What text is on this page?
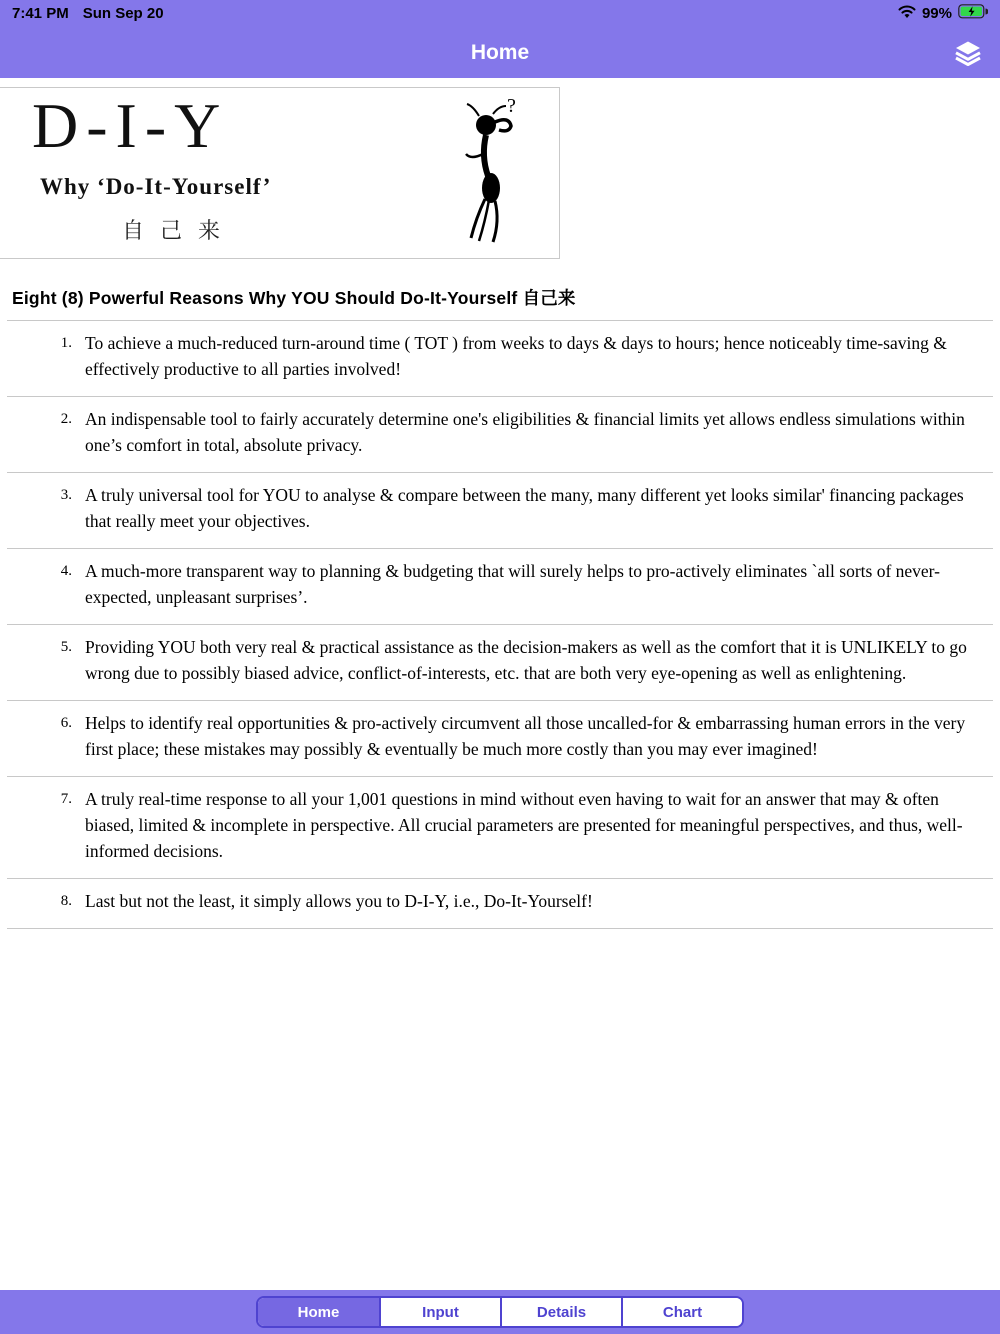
7:41 PM Sun Sep 20	99%
Home
D-I-Y
Why ‘Do-It-Yourself’
自己来
?
Eight (8) Powerful Reasons Why YOU Should Do-It-Yourself 自己来
1. To achieve a much-reduced turn-around time ( TOT ) from weeks to days & days to hours; hence noticeably time-saving & effectively productive to all parties involved!
2. An indispensable tool to fairly accurately determine one's eligibilities & financial limits yet allows endless simulations within one’s comfort in total, absolute privacy.
3. A truly universal tool for YOU to analyse & compare between the many, many different yet looks similar' financing packages that really meet your objectives.
4. A much-more transparent way to planning & budgeting that will surely helps to pro-actively eliminates `all sorts of never-expected, unpleasant surprises’.
5. Providing YOU both very real & practical assistance as the decision-makers as well as the comfort that it is UNLIKELY to go wrong due to possibly biased advice, conflict-of-interests, etc. that are both very eye-opening as well as enlightening.
6. Helps to identify real opportunities & pro-actively circumvent all those uncalled-for & embarrassing human errors in the very first place; these mistakes may possibly & eventually be much more costly than you may ever imagined!
7. A truly real-time response to all your 1,001 questions in mind without even having to wait for an answer that may & often biased, limited & incomplete in perspective. All crucial parameters are presented for meaningful perspectives, and thus, well-informed decisions.
8. Last but not the least, it simply allows you to D-I-Y, i.e., Do-It-Yourself!
Home	Input	Details	Chart
